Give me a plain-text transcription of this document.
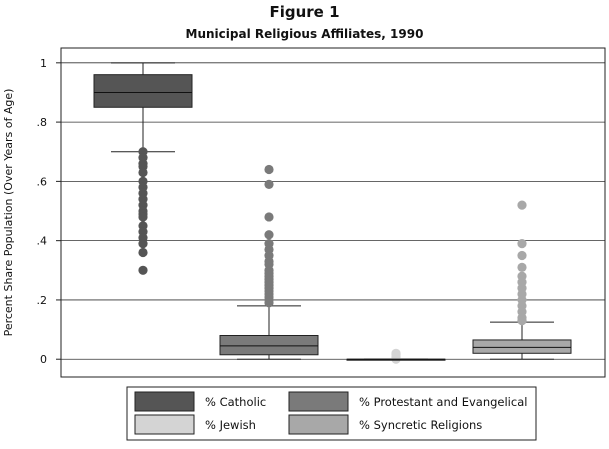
Figure 1
Municipal Religious Affiliates, 1990
1
.8
.6
.4
.2
0
Percent Share Population (Over Years of Age)
% Catholic	% Protestant and Evangelical
% Jewish	% Syncretic Religions
